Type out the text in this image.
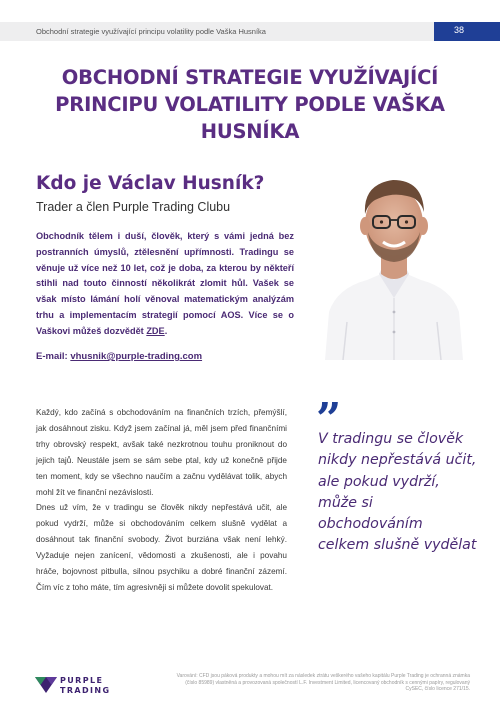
Obchodní strategie využívající principu volatility podle Vaška Husníka	38
OBCHODNÍ STRATEGIE VYUŽÍVAJÍCÍ PRINCIPU VOLATILITY PODLE VAŠKA HUSNÍKA
Kdo je Václav Husník?
Trader a člen Purple Trading Clubu

Obchodník tělem i duší, člověk, který s vámi jedná bez postranních úmyslů, ztělesnění upřímnosti. Tradingu se věnuje už více než 10 let, což je doba, za kterou by někteří stihli nad touto činností několikrát zlomit hůl. Vašek se však místo lámání holí věnoval matematickým analýzám trhu a implementacím strategií pomocí AOS. Více se o Vaškovi můžeš dozvědět ZDE.

E-mail: vhusnik@purple-trading.com

Každý, kdo začíná s obchodováním na finančních trzích, přemýšlí, jak dosáhnout zisku. Když jsem začínal já, měl jsem před finančními trhy obrovský respekt, avšak také nezkrotnou touhu proniknout do jejich tajů. Neustále jsem se sám sebe ptal, kdy už konečně přijde ten moment, kdy se všechno naučím a začnu vydělávat tolik, abych mohl žít ve finanční nezávislosti.

Dnes už vím, že v tradingu se člověk nikdy nepřestává učit, ale pokud vydrží, může si obchodováním celkem slušně vydělat a dosáhnout tak finanční svobody. Život burziána však není lehký. Vyžaduje nejen zanícení, vědomosti a zkušenosti, ale i povahu hráče, bojovnost pitbulla, silnou psychiku a dobré finanční zázemí. Čím víc z toho máte, tím agresivněji si můžete dovolit spekulovat.

”
V tradingu se člověk nikdy nepřestává učit, ale pokud vydrží, může si obchodováním celkem slušně vydělat
PURPLE
TRADING
Varování: CFD jsou páková produkty a mohou mít za následek ztrátu veškerého vašeho kapitálu Purple Trading je ochranná známka (číslo 85989) vlastněná a provozovaná společností L.F. Investment Limited, licencovaný obchodník s cennými papíry, regulovaný CySEC, číslo licence 271/15.
